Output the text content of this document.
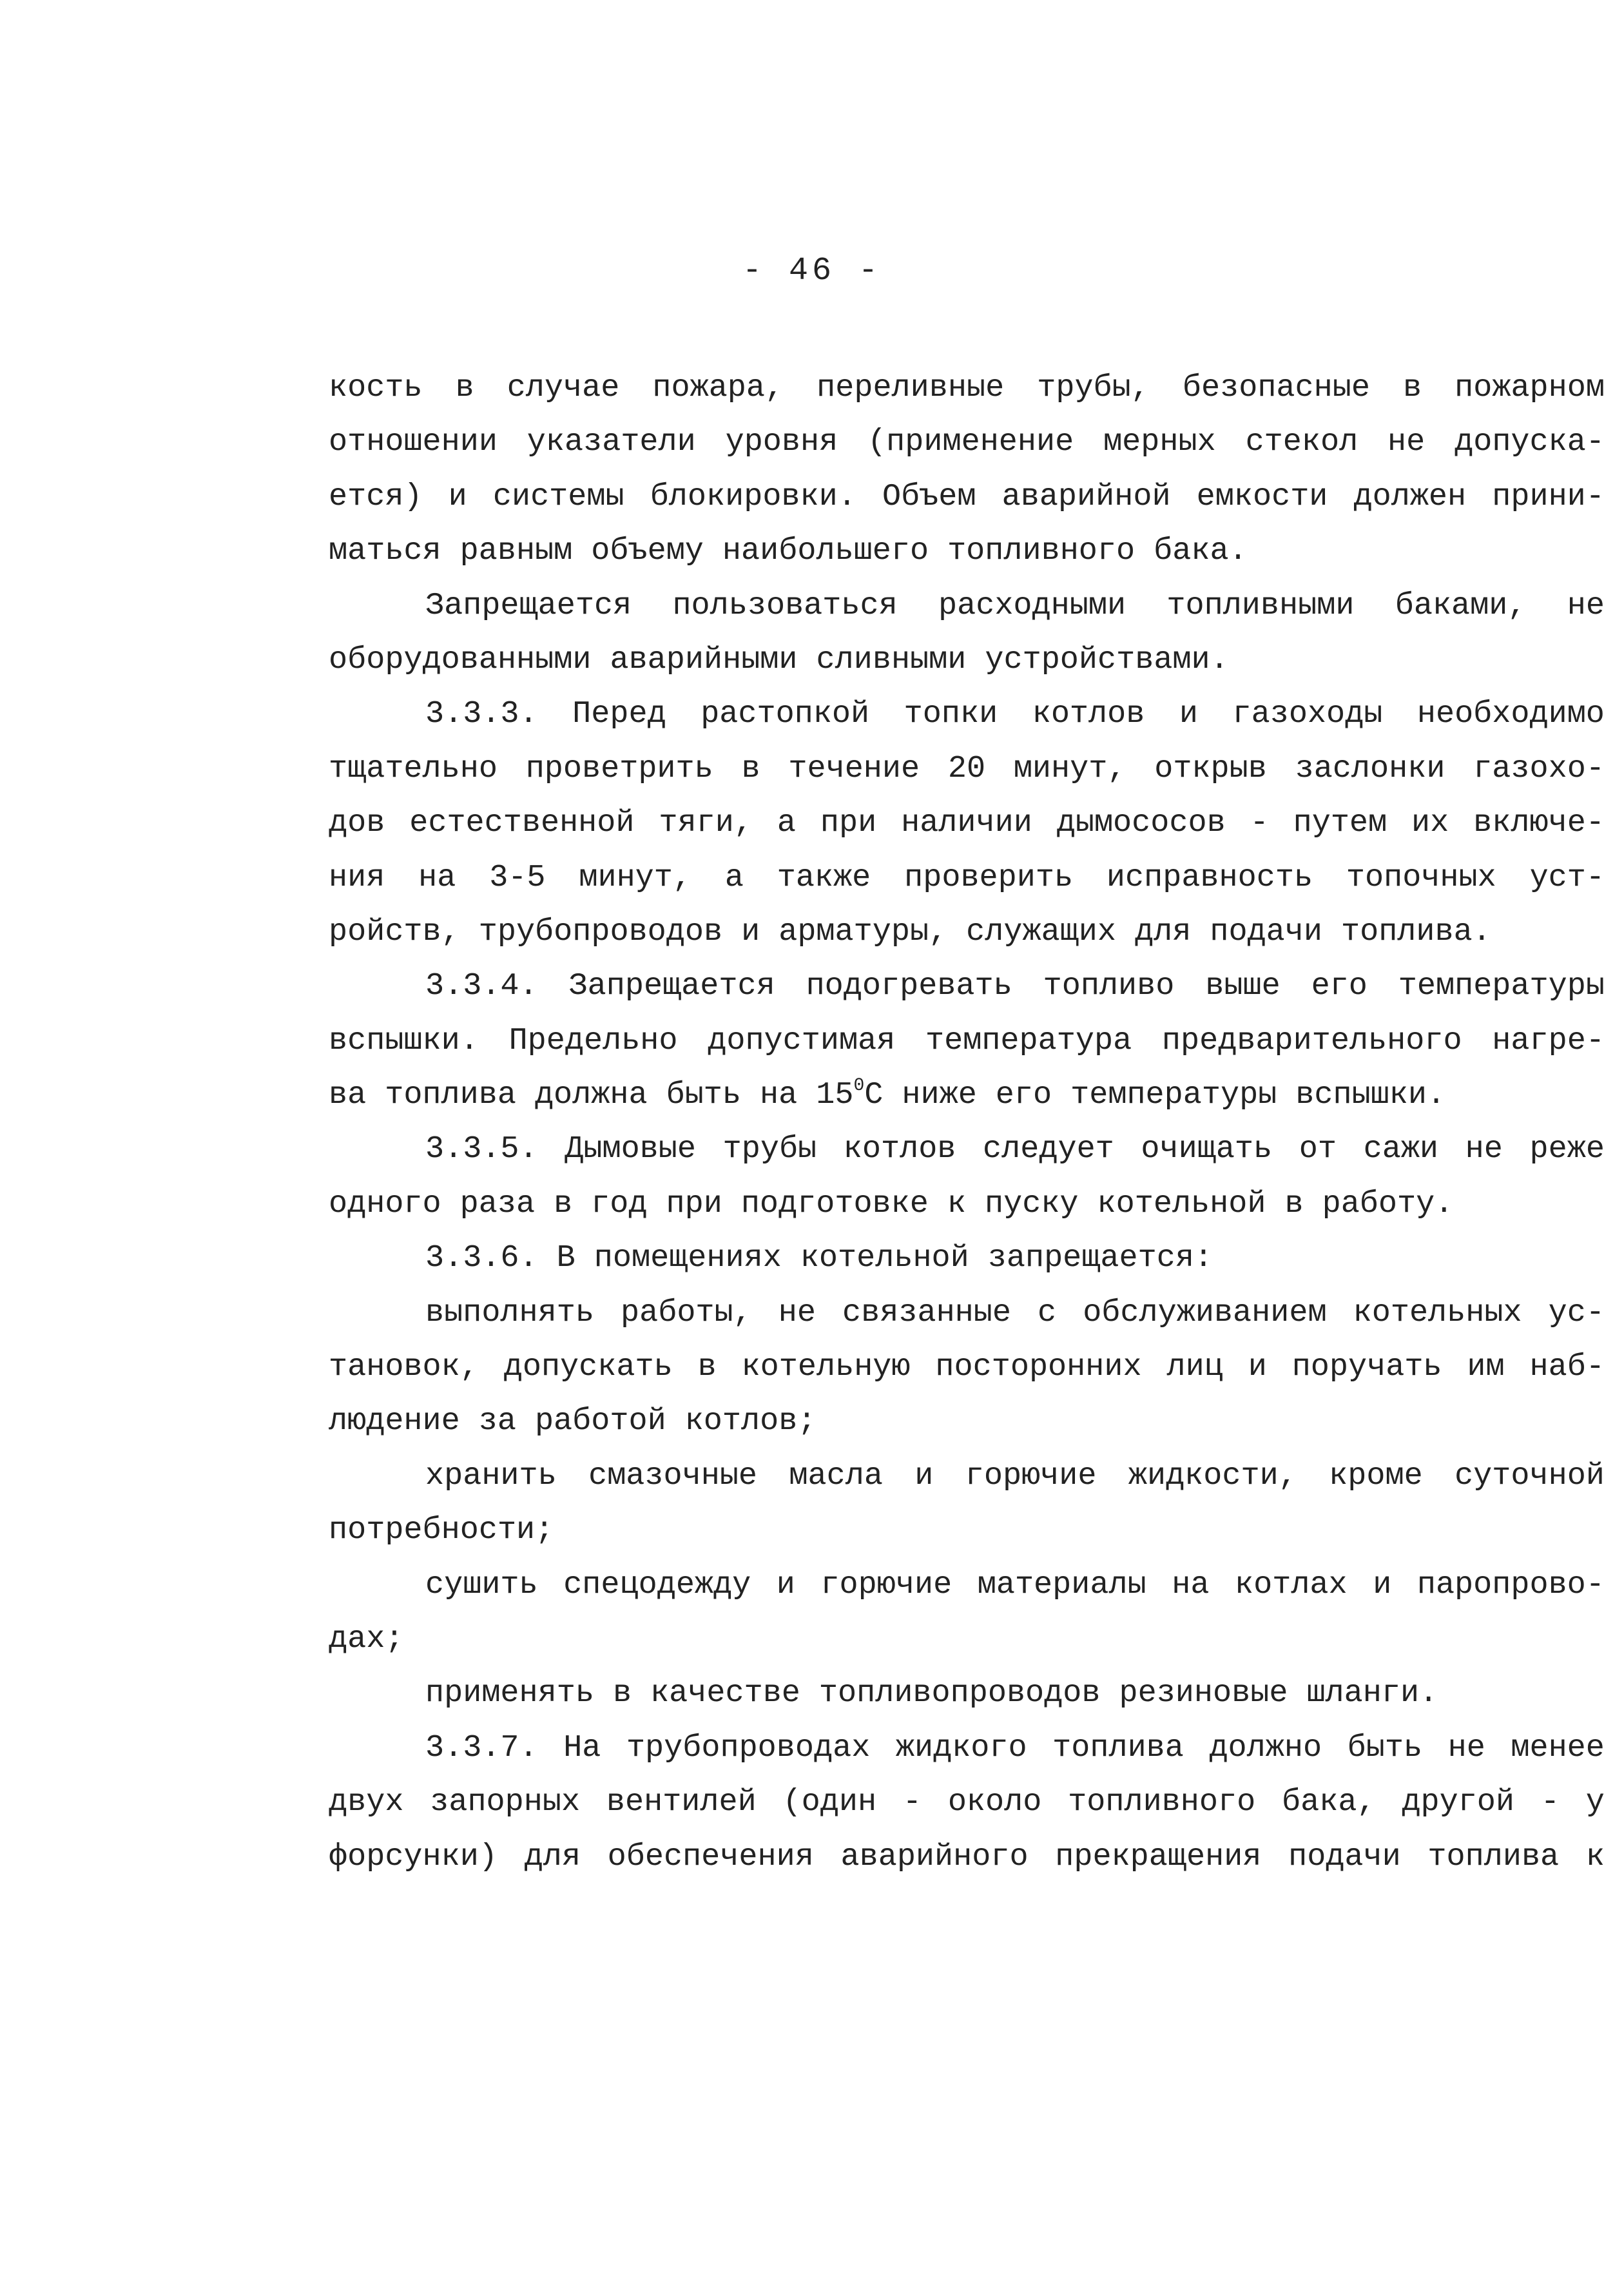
- 46 -
кость в случае пожара, переливные трубы, безопасные в пожарном
отношении указатели уровня (применение мерных стекол не допуска-
ется) и системы блокировки. Объем аварийной емкости должен прини-
маться равным объему наибольшего топливного бака.
Запрещается пользоваться расходными топливными баками, не
оборудованными аварийными сливными устройствами.
3.3.3. Перед растопкой топки котлов и газоходы необходимо
тщательно проветрить в течение 20 минут, открыв заслонки газохо-
дов естественной тяги, а при наличии дымососов - путем их включе-
ния на 3-5 минут, а также проверить исправность топочных уст-
ройств, трубопроводов и арматуры, служащих для подачи топлива.
3.3.4. Запрещается подогревать топливо выше его температуры
вспышки. Предельно допустимая температура предварительного нагре-
ва топлива должна быть на $15^0С$ ниже его температуры вспышки.
3.3.5. Дымовые трубы котлов следует очищать от сажи не реже
одного раза в год при подготовке к пуску котельной в работу.
3.3.6. В помещениях котельной запрещается:
выполнять работы, не связанные с обслуживанием котельных ус-
тановок, допускать в котельную посторонних лиц и поручать им наб-
людение за работой котлов;
хранить смазочные масла и горючие жидкости, кроме суточной
потребности;
сушить спецодежду и горючие материалы на котлах и паропрово-
дах;
применять в качестве топливопроводов резиновые шланги.
3.3.7. На трубопроводах жидкого топлива должно быть не менее
двух запорных вентилей (один - около топливного бака, другой - у
форсунки) для обеспечения аварийного прекращения подачи топлива к
